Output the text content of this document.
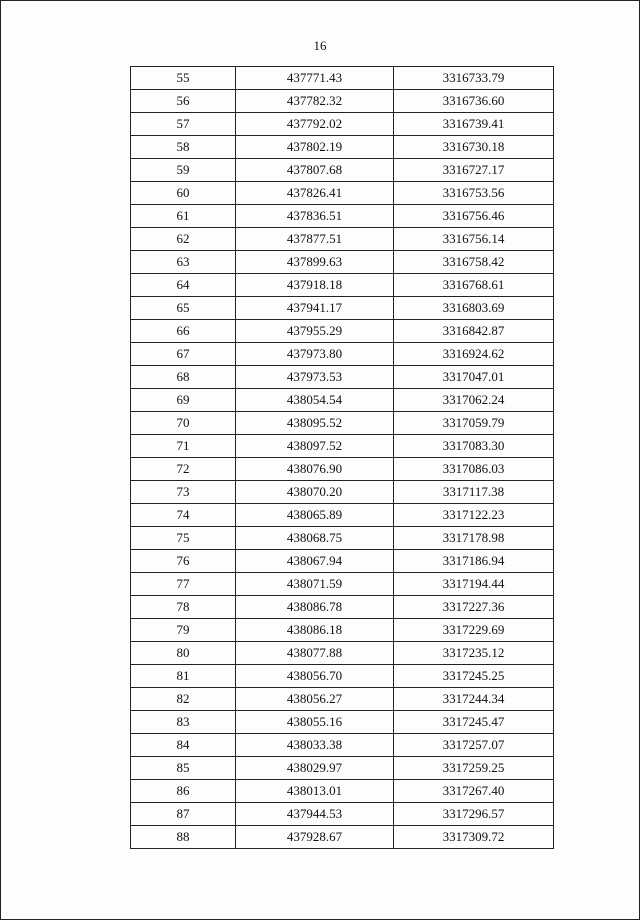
16
55	437771.43	3316733.79
56	437782.32	3316736.60
57	437792.02	3316739.41
58	437802.19	3316730.18
59	437807.68	3316727.17
60	437826.41	3316753.56
61	437836.51	3316756.46
62	437877.51	3316756.14
63	437899.63	3316758.42
64	437918.18	3316768.61
65	437941.17	3316803.69
66	437955.29	3316842.87
67	437973.80	3316924.62
68	437973.53	3317047.01
69	438054.54	3317062.24
70	438095.52	3317059.79
71	438097.52	3317083.30
72	438076.90	3317086.03
73	438070.20	3317117.38
74	438065.89	3317122.23
75	438068.75	3317178.98
76	438067.94	3317186.94
77	438071.59	3317194.44
78	438086.78	3317227.36
79	438086.18	3317229.69
80	438077.88	3317235.12
81	438056.70	3317245.25
82	438056.27	3317244.34
83	438055.16	3317245.47
84	438033.38	3317257.07
85	438029.97	3317259.25
86	438013.01	3317267.40
87	437944.53	3317296.57
88	437928.67	3317309.72
